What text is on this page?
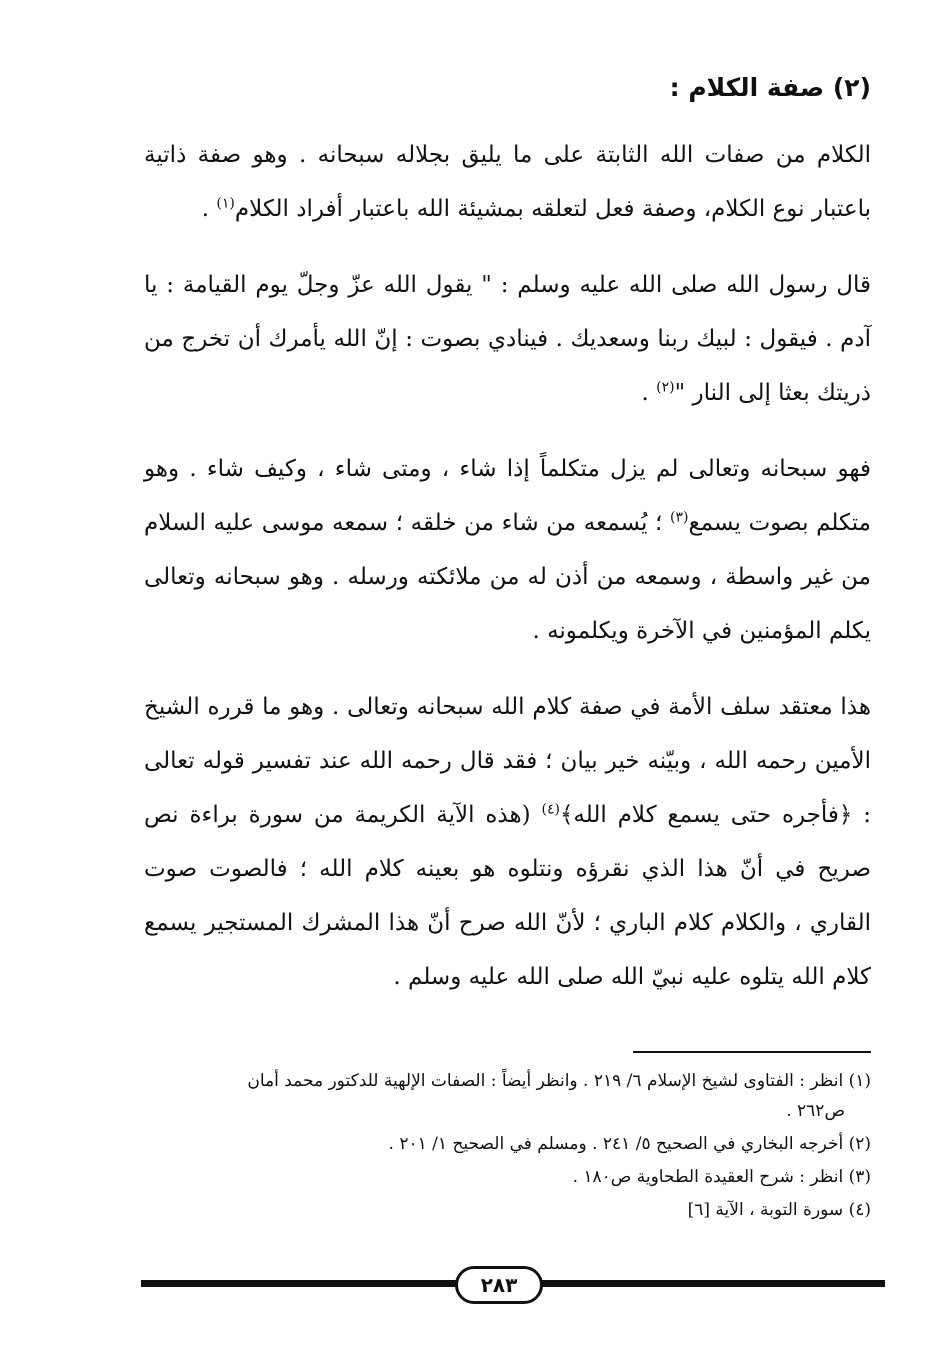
(٢) صفة الكلام :

الكلام من صفات الله الثابتة على ما يليق بجلاله سبحانه . وهو صفة ذاتية باعتبار نوع الكلام، وصفة فعل لتعلقه بمشيئة الله باعتبار أفراد الكلام$^{(١)}$ .

قال رسول الله صلى الله عليه وسلم : " يقول الله عزّ وجلّ يوم القيامة : يا آدم . فيقول : لبيك ربنا وسعديك . فينادي بصوت : إنّ الله يأمرك أن تخرج من ذريتك بعثا إلى النار "$^{(٢)}$ .

فهو سبحانه وتعالى لم يزل متكلماً إذا شاء ، ومتى شاء ، وكيف شاء . وهو متكلم بصوت يسمع$^{(٣)}$ ؛ يُسمعه من شاء من خلقه ؛ سمعه موسى عليه السلام من غير واسطة ، وسمعه من أذن له من ملائكته ورسله . وهو سبحانه وتعالى يكلم المؤمنين في الآخرة ويكلمونه .

هذا معتقد سلف الأمة في صفة كلام الله سبحانه وتعالى . وهو ما قرره الشيخ الأمين رحمه الله ، وبيّنه خير بيان ؛ فقد قال رحمه الله عند تفسير قوله تعالى : ﴿فأجره حتى يسمع كلام الله﴾$^{(٤)}$ (هذه الآية الكريمة من سورة براءة نص صريح في أنّ هذا الذي نقرؤه ونتلوه هو بعينه كلام الله ؛ فالصوت صوت القاري ، والكلام كلام الباري ؛ لأنّ الله صرح أنّ هذا المشرك المستجير يسمع كلام الله يتلوه عليه نبيّ الله صلى الله عليه وسلم .

(١) انظر : الفتاوى لشيخ الإسلام ٦/ ٢١٩ . وانظر أيضاً : الصفات الإلهية للدكتور محمد أمان
ص٢٦٢ .
(٢) أخرجه البخاري في الصحيح ٥/ ٢٤١ . ومسلم في الصحيح ١/ ٢٠١ .
(٣) انظر : شرح العقيدة الطحاوية ص١٨٠ .
(٤) سورة التوبة ، الآية [٦]
٢٨٣
